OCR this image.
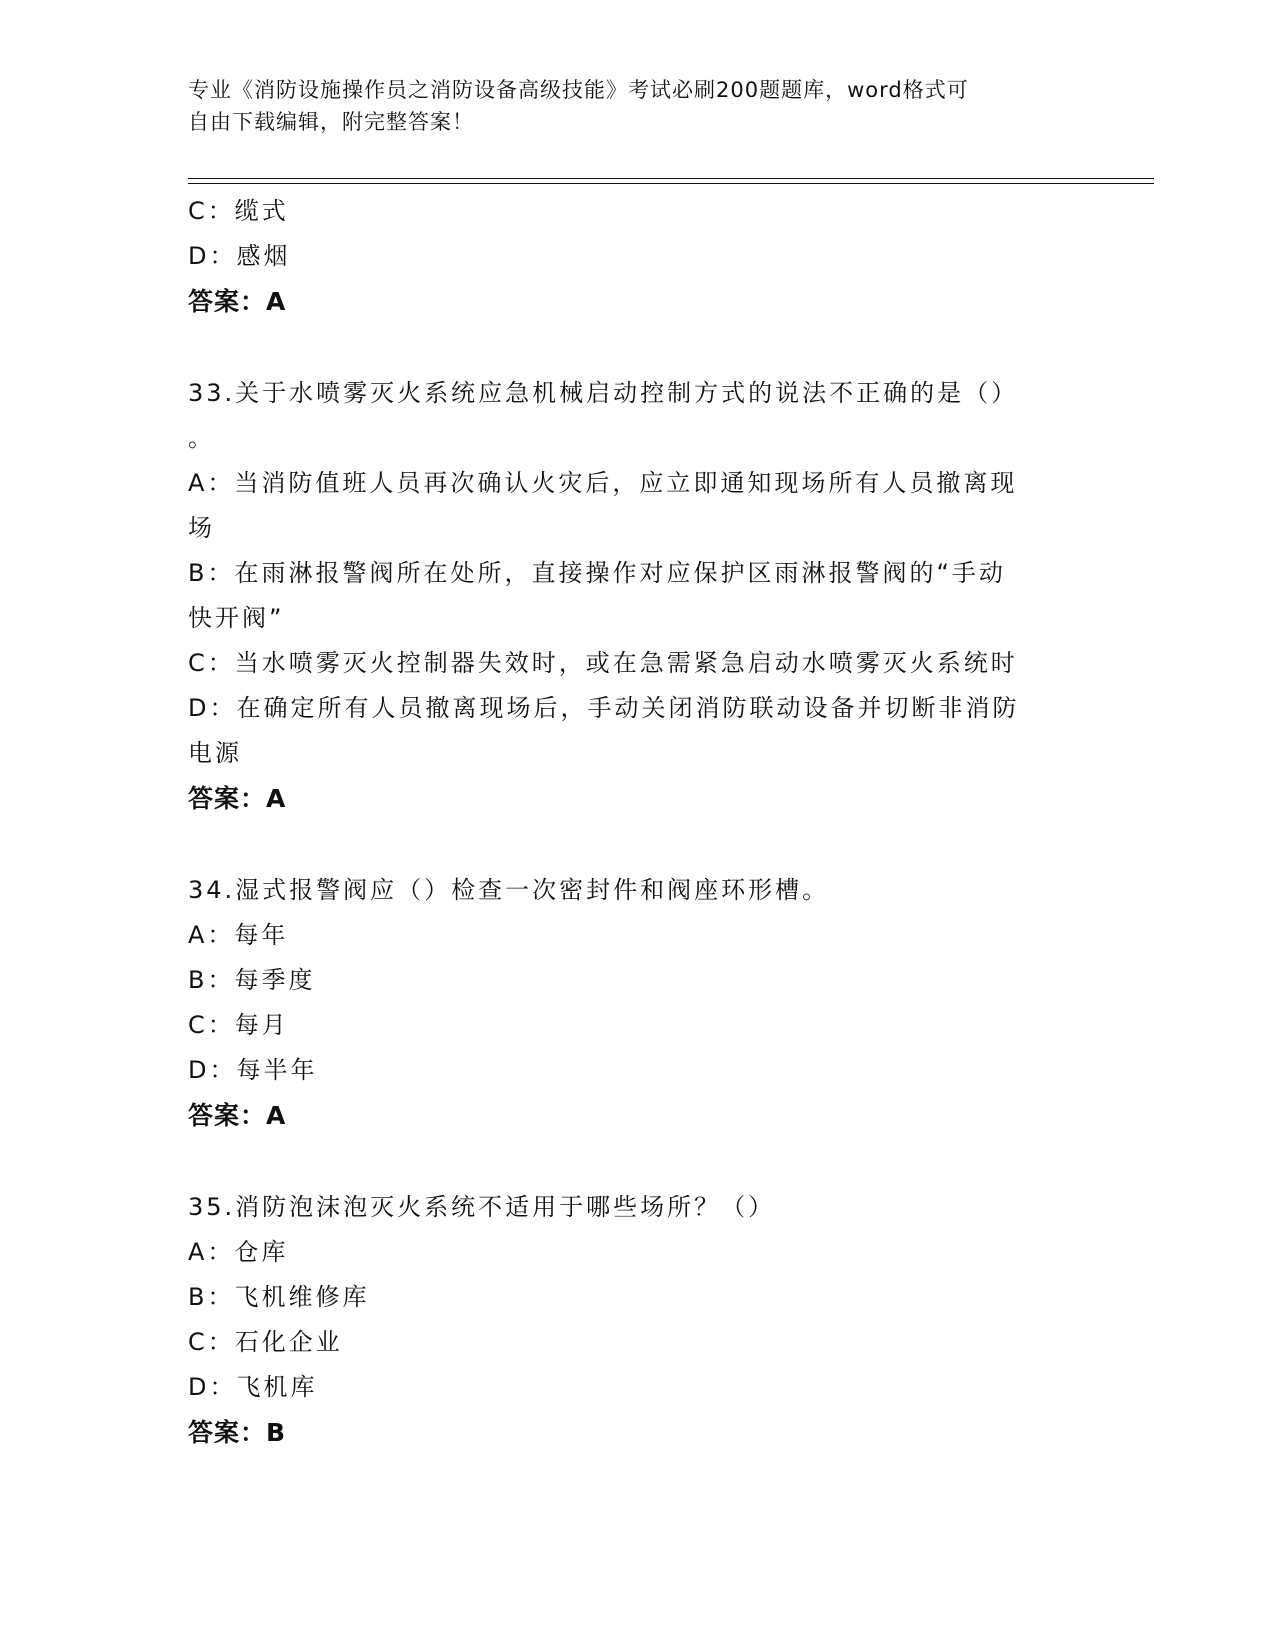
专业《消防设施操作员之消防设备高级技能》考试必刷200题题库，word格式可
自由下载编辑，附完整答案！
C：缆式
D：感烟
答案：A
33.关于水喷雾灭火系统应急机械启动控制方式的说法不正确的是（）
。
A：当消防值班人员再次确认火灾后，应立即通知现场所有人员撤离现
场
B：在雨淋报警阀所在处所，直接操作对应保护区雨淋报警阀的“手动
快开阀”
C：当水喷雾灭火控制器失效时，或在急需紧急启动水喷雾灭火系统时
D：在确定所有人员撤离现场后，手动关闭消防联动设备并切断非消防
电源
答案：A
34.湿式报警阀应（）检查一次密封件和阀座环形槽。
A：每年
B：每季度
C：每月
D：每半年
答案：A
35.消防泡沫泡灭火系统不适用于哪些场所？（）
A：仓库
B：飞机维修库
C：石化企业
D：飞机库
答案：B
